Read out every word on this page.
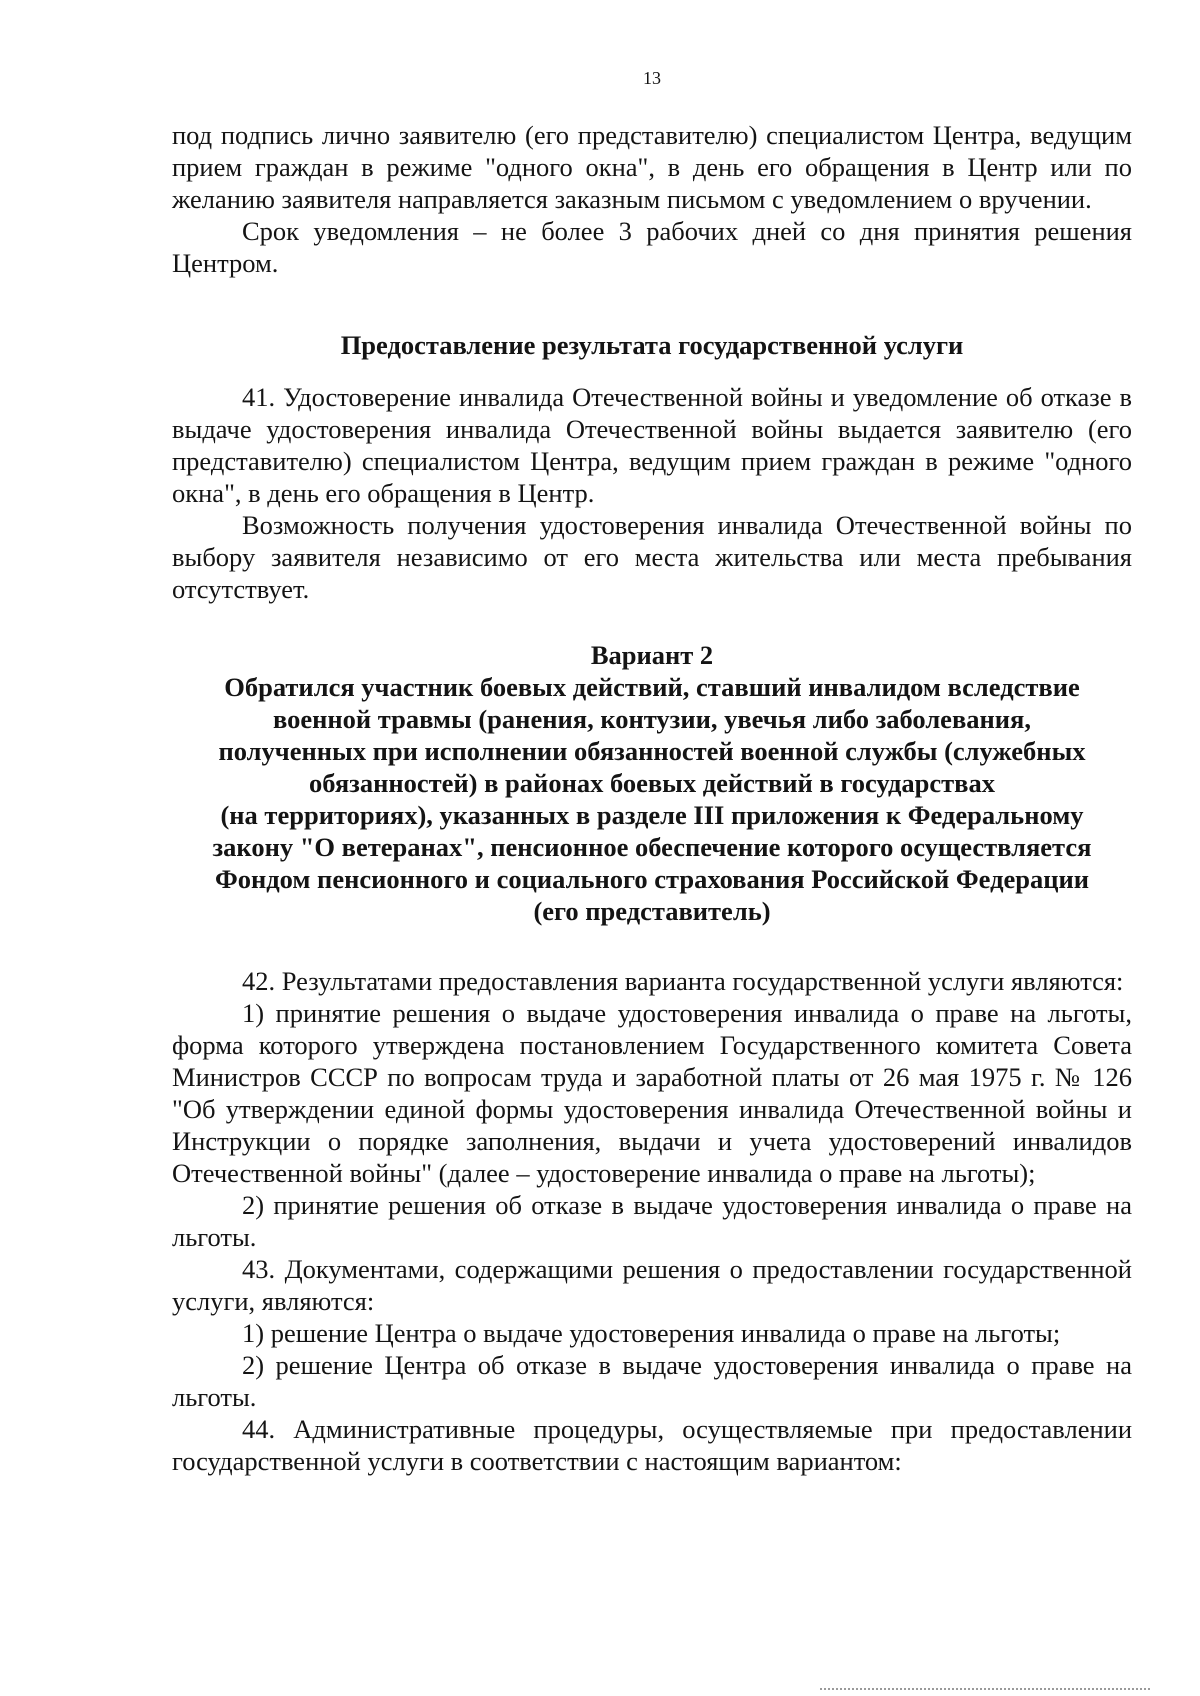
13

под подпись лично заявителю (его представителю) специалистом Центра, ведущим прием граждан в режиме "одного окна", в день его обращения в Центр или по желанию заявителя направляется заказным письмом с уведомлением о вручении.

Срок уведомления – не более 3 рабочих дней со дня принятия решения Центром.

Предоставление результата государственной услуги

41. Удостоверение инвалида Отечественной войны и уведомление об отказе в выдаче удостоверения инвалида Отечественной войны выдается заявителю (его представителю) специалистом Центра, ведущим прием граждан в режиме "одного окна", в день его обращения в Центр.

Возможность получения удостоверения инвалида Отечественной войны по выбору заявителя независимо от его места жительства или места пребывания отсутствует.

Вариант 2
Обратился участник боевых действий, ставший инвалидом вследствие
военной травмы (ранения, контузии, увечья либо заболевания,
полученных при исполнении обязанностей военной службы (служебных
обязанностей) в районах боевых действий в государствах
(на территориях), указанных в разделе III приложения к Федеральному
закону "О ветеранах", пенсионное обеспечение которого осуществляется
Фондом пенсионного и социального страхования Российской Федерации
(его представитель)

42. Результатами предоставления варианта государственной услуги являются:

1) принятие решения о выдаче удостоверения инвалида о праве на льготы, форма которого утверждена постановлением Государственного комитета Совета Министров СССР по вопросам труда и заработной платы от 26 мая 1975 г. № 126 "Об утверждении единой формы удостоверения инвалида Отечественной войны и Инструкции о порядке заполнения, выдачи и учета удостоверений инвалидов Отечественной войны" (далее – удостоверение инвалида о праве на льготы);

2) принятие решения об отказе в выдаче удостоверения инвалида о праве на льготы.

43. Документами, содержащими решения о предоставлении государственной услуги, являются:

1) решение Центра о выдаче удостоверения инвалида о праве на льготы;

2) решение Центра об отказе в выдаче удостоверения инвалида о праве на льготы.

44. Административные процедуры, осуществляемые при предоставлении государственной услуги в соответствии с настоящим вариантом:
